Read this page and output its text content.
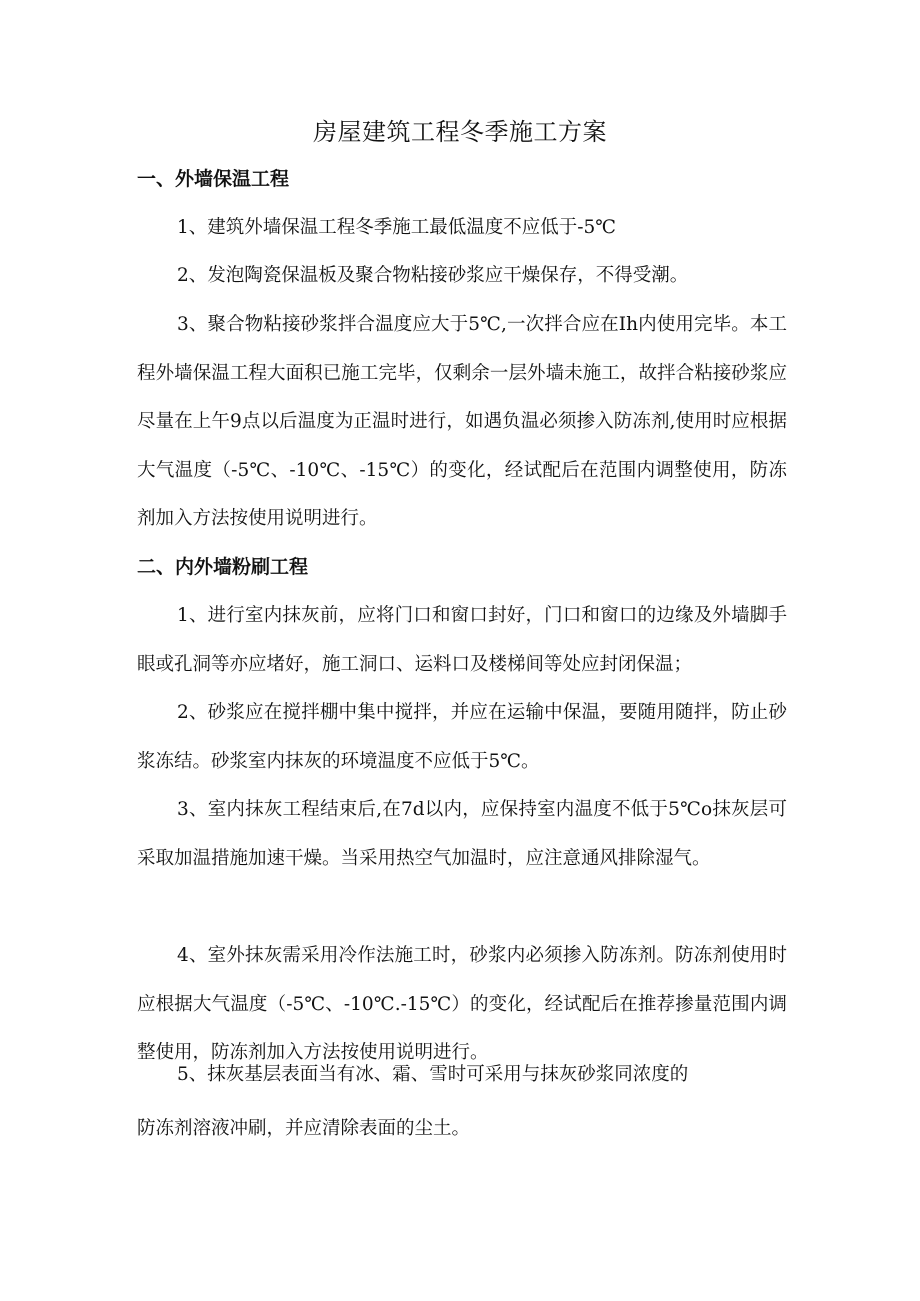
房屋建筑工程冬季施工方案
一、外墙保温工程
1、建筑外墙保温工程冬季施工最低温度不应低于-5℃
2、发泡陶瓷保温板及聚合物粘接砂浆应干燥保存，不得受潮。
3、聚合物粘接砂浆拌合温度应大于5℃,一次拌合应在Ih内使用完毕。本工程外墙保温工程大面积已施工完毕，仅剩余一层外墙未施工，故拌合粘接砂浆应尽量在上午9点以后温度为正温时进行，如遇负温必须掺入防冻剂,使用时应根据大气温度（-5℃、-10℃、-15℃）的变化，经试配后在范围内调整使用，防冻剂加入方法按使用说明进行。
二、内外墙粉刷工程
1、进行室内抹灰前，应将门口和窗口封好，门口和窗口的边缘及外墙脚手眼或孔洞等亦应堵好，施工洞口、运料口及楼梯间等处应封闭保温；
2、砂浆应在搅拌棚中集中搅拌，并应在运输中保温，要随用随拌，防止砂浆冻结。砂浆室内抹灰的环境温度不应低于5℃。
3、室内抹灰工程结束后,在7d以内，应保持室内温度不低于5℃o抹灰层可采取加温措施加速干燥。当采用热空气加温时，应注意通风排除湿气。
4、室外抹灰需采用冷作法施工时，砂浆内必须掺入防冻剂。防冻剂使用时应根据大气温度（-5℃、-10℃.-15℃）的变化，经试配后在推荐掺量范围内调整使用，防冻剂加入方法按使用说明进行。
5、抹灰基层表面当有冰、霜、雪时可采用与抹灰砂浆同浓度的
防冻剂溶液冲刷，并应清除表面的尘土。
